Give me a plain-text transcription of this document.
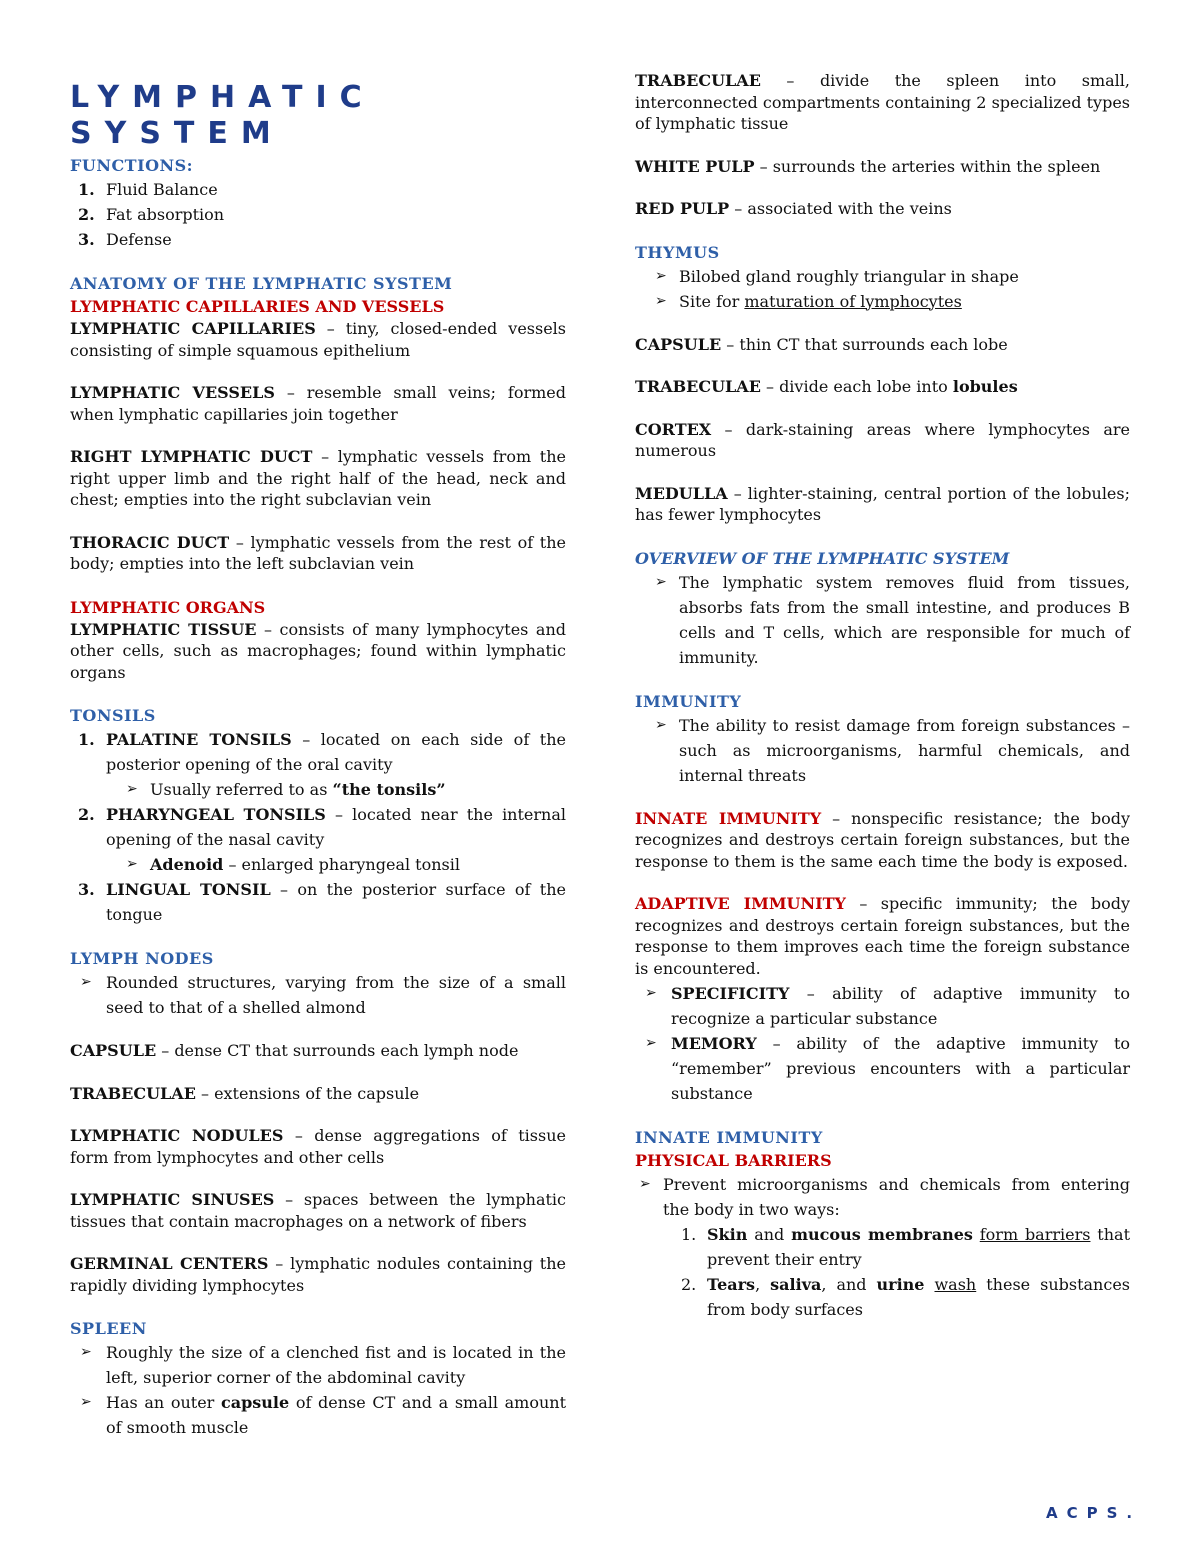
LYMPHATIC SYSTEM
FUNCTIONS:
1. Fluid Balance
2. Fat absorption
3. Defense
ANATOMY OF THE LYMPHATIC SYSTEM
LYMPHATIC CAPILLARIES AND VESSELS

LYMPHATIC CAPILLARIES – tiny, closed-ended vessels consisting of simple squamous epithelium

LYMPHATIC VESSELS – resemble small veins; formed when lymphatic capillaries join together

RIGHT LYMPHATIC DUCT – lymphatic vessels from the right upper limb and the right half of the head, neck and chest; empties into the right subclavian vein

THORACIC DUCT – lymphatic vessels from the rest of the body; empties into the left subclavian vein

LYMPHATIC ORGANS

LYMPHATIC TISSUE – consists of many lymphocytes and other cells, such as macrophages; found within lymphatic organs

TONSILS
1. PALATINE TONSILS – located on each side of the posterior opening of the oral cavity
➢ Usually referred to as “the tonsils”
2. PHARYNGEAL TONSILS – located near the internal opening of the nasal cavity
➢ Adenoid – enlarged pharyngeal tonsil
3. LINGUAL TONSIL – on the posterior surface of the tongue
LYMPH NODES
➢ Rounded structures, varying from the size of a small seed to that of a shelled almond

CAPSULE – dense CT that surrounds each lymph node

TRABECULAE – extensions of the capsule

LYMPHATIC NODULES – dense aggregations of tissue form from lymphocytes and other cells

LYMPHATIC SINUSES – spaces between the lymphatic tissues that contain macrophages on a network of fibers

GERMINAL CENTERS – lymphatic nodules containing the rapidly dividing lymphocytes

SPLEEN
➢ Roughly the size of a clenched fist and is located in the left, superior corner of the abdominal cavity
➢ Has an outer capsule of dense CT and a small amount of smooth muscle

TRABECULAE – divide the spleen into small, interconnected compartments containing 2 specialized types of lymphatic tissue

WHITE PULP – surrounds the arteries within the spleen

RED PULP – associated with the veins

THYMUS
➢ Bilobed gland roughly triangular in shape
➢ Site for maturation of lymphocytes

CAPSULE – thin CT that surrounds each lobe

TRABECULAE – divide each lobe into lobules

CORTEX – dark-staining areas where lymphocytes are numerous

MEDULLA – lighter-staining, central portion of the lobules; has fewer lymphocytes

OVERVIEW OF THE LYMPHATIC SYSTEM
➢ The lymphatic system removes fluid from tissues, absorbs fats from the small intestine, and produces B cells and T cells, which are responsible for much of immunity.
IMMUNITY
➢ The ability to resist damage from foreign substances – such as microorganisms, harmful chemicals, and internal threats

INNATE IMMUNITY – nonspecific resistance; the body recognizes and destroys certain foreign substances, but the response to them is the same each time the body is exposed.

ADAPTIVE IMMUNITY – specific immunity; the body recognizes and destroys certain foreign substances, but the response to them improves each time the foreign substance is encountered.

➢ SPECIFICITY – ability of adaptive immunity to recognize a particular substance
➢ MEMORY – ability of the adaptive immunity to “remember” previous encounters with a particular substance
INNATE IMMUNITY
PHYSICAL BARRIERS
➢ Prevent microorganisms and chemicals from entering the body in two ways:
1. Skin and mucous membranes form barriers that prevent their entry
2. Tears, saliva, and urine wash these substances from body surfaces
ACPS.
